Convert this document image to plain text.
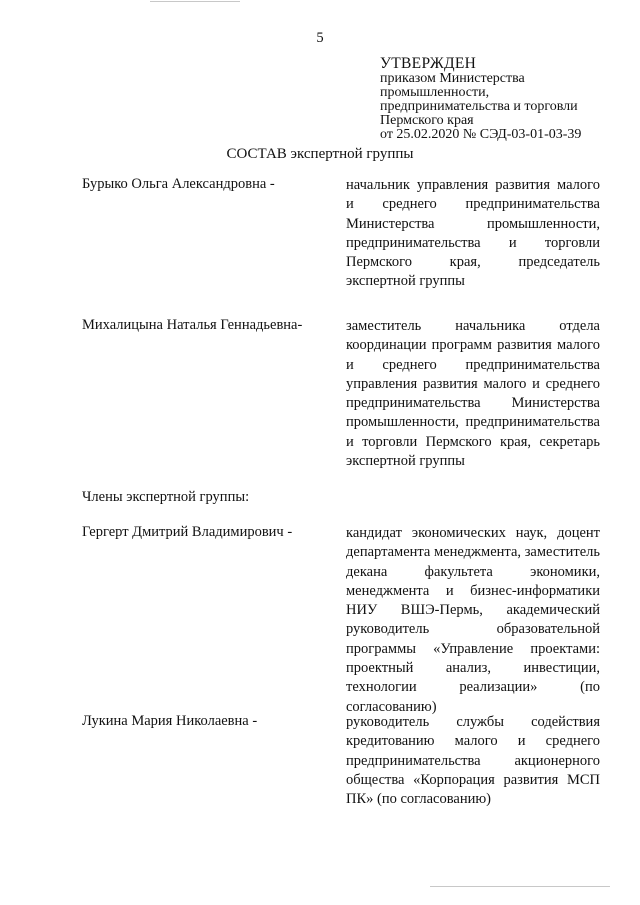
5
УТВЕРЖДЕН
приказом Министерства
промышленности,
предпринимательства и торговли
Пермского края
от 25.02.2020 № СЭД-03-01-03-39
СОСТАВ экспертной группы
Бурыко Ольга Александровна -	начальник управления развития малого и среднего предпринимательства Министерства промышленности, предпринимательства и торговли Пермского края, председатель экспертной группы
Михалицына Наталья Геннадьевна-	заместитель начальника отдела координации программ развития малого и среднего предпринимательства управления развития малого и среднего предпринимательства Министерства промышленности, предпринимательства и торговли Пермского края, секретарь экспертной группы
Члены экспертной группы:
Гергерт Дмитрий Владимирович -	кандидат экономических наук, доцент департамента менеджмента, заместитель декана факультета экономики, менеджмента и бизнес-информатики НИУ ВШЭ-Пермь, академический руководитель образовательной программы «Управление проектами: проектный анализ, инвестиции, технологии реализации» (по согласованию)
Лукина Мария Николаевна -	руководитель службы содействия кредитованию малого и среднего предпринимательства акционерного общества «Корпорация развития МСП ПК» (по согласованию)
